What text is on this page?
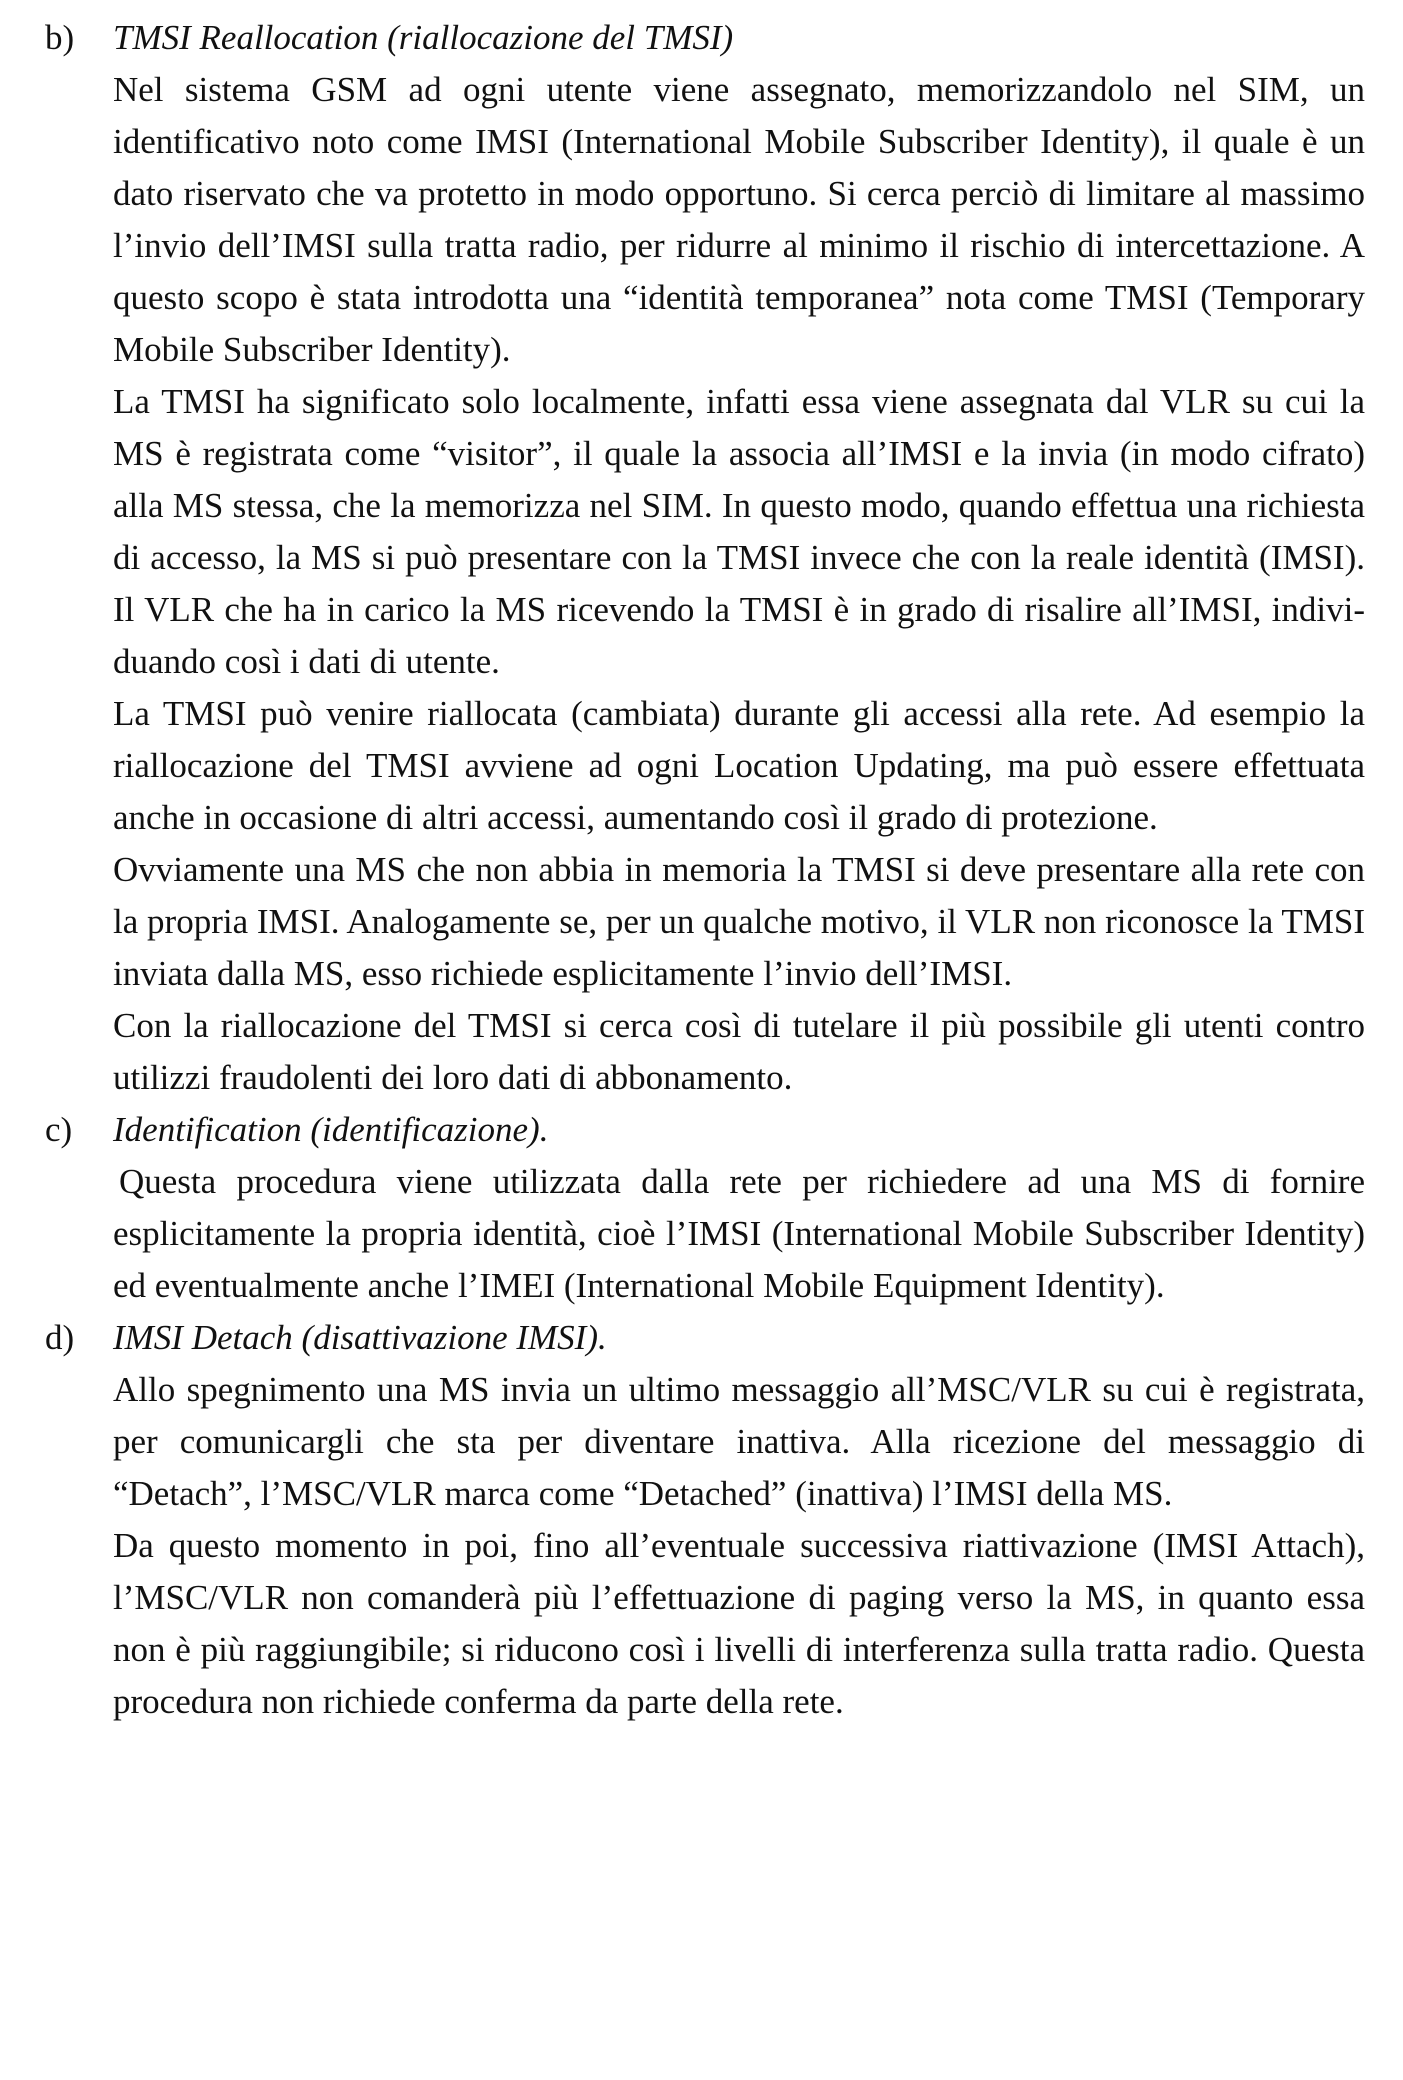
b)	TMSI Reallocation (riallocazione del TMSI)

Nel sistema GSM ad ogni utente viene assegnato, memorizzandolo nel SIM, un identificativo noto come IMSI (International Mobile Subscriber Identity), il quale è un dato riservato che va protetto in modo opportuno. Si cerca perciò di limitare al massimo l’invio dell’IMSI sulla tratta radio, per ridurre al minimo il rischio di intercettazione. A questo scopo è stata introdotta una “identità temporanea” nota come TMSI (Temporary Mobile Subscriber Identity).

La TMSI ha significato solo localmente, infatti essa viene assegnata dal VLR su cui la MS è registrata come “visitor”, il quale la associa all’IMSI e la invia (in modo cifrato) alla MS stessa, che la memorizza nel SIM. In questo modo, quando effettua una richiesta di accesso, la MS si può presentare con la TMSI invece che con la reale identità (IMSI). Il VLR che ha in carico la MS ricevendo la TMSI è in grado di risalire all’IMSI, individuando così i dati di utente.

La TMSI può venire riallocata (cambiata) durante gli accessi alla rete. Ad esempio la riallocazione del TMSI avviene ad ogni Location Updating, ma può essere effettuata anche in occasione di altri accessi, aumentando così il grado di protezione.

Ovviamente una MS che non abbia in memoria la TMSI si deve presentare alla rete con la propria IMSI. Analogamente se, per un qualche motivo, il VLR non riconosce la TMSI inviata dalla MS, esso richiede esplicitamente l’invio dell’IMSI.

Con la riallocazione del TMSI si cerca così di tutelare il più possibile gli utenti contro utilizzi fraudolenti dei loro dati di abbonamento.

c)	Identification (identificazione).

Questa procedura viene utilizzata dalla rete per richiedere ad una MS di fornire esplicitamente la propria identità, cioè l’IMSI (International Mobile Subscriber Identity) ed eventualmente anche l’IMEI (International Mobile Equipment Identity).

d)	IMSI Detach (disattivazione IMSI).

Allo spegnimento una MS invia un ultimo messaggio all’MSC/VLR su cui è registrata, per comunicargli che sta per diventare inattiva. Alla ricezione del messaggio di “Detach”, l’MSC/VLR marca come “Detached” (inattiva) l’IMSI della MS.

Da questo momento in poi, fino all’eventuale successiva riattivazione (IMSI Attach), l’MSC/VLR non comanderà più l’effettuazione di paging verso la MS, in quanto essa non è più raggiungibile; si riducono così i livelli di interferenza sulla tratta radio. Questa procedura non richiede conferma da parte della rete.
